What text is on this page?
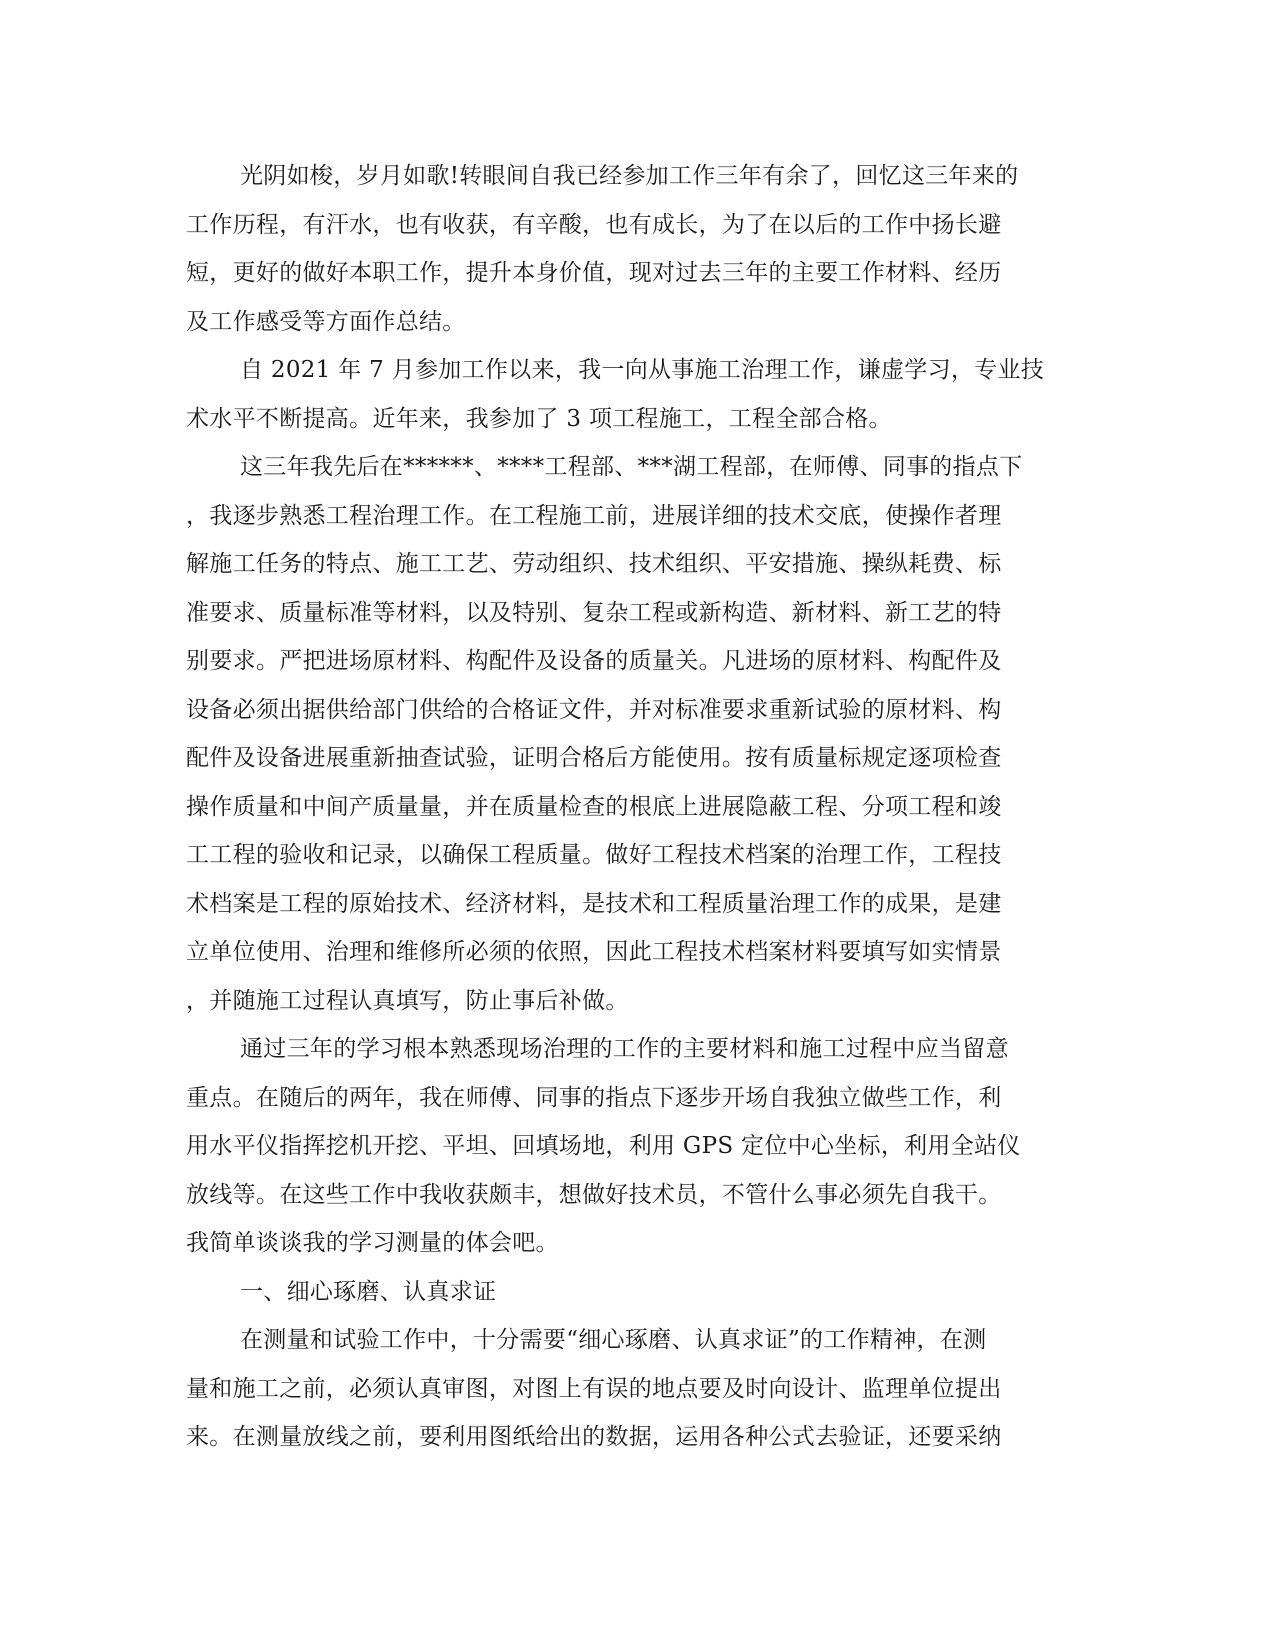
光阴如梭，岁月如歌!转眼间自我已经参加工作三年有余了，回忆这三年来的
工作历程，有汗水，也有收获，有辛酸，也有成长，为了在以后的工作中扬长避
短，更好的做好本职工作，提升本身价值，现对过去三年的主要工作材料、经历
及工作感受等方面作总结。
自 2021 年 7 月参加工作以来，我一向从事施工治理工作，谦虚学习，专业技
术水平不断提高。近年来，我参加了 3 项工程施工，工程全部合格。
这三年我先后在******、****工程部、***湖工程部，在师傅、同事的指点下
，我逐步熟悉工程治理工作。在工程施工前，进展详细的技术交底，使操作者理
解施工任务的特点、施工工艺、劳动组织、技术组织、平安措施、操纵耗费、标
准要求、质量标准等材料，以及特别、复杂工程或新构造、新材料、新工艺的特
别要求。严把进场原材料、构配件及设备的质量关。凡进场的原材料、构配件及
设备必须出据供给部门供给的合格证文件，并对标准要求重新试验的原材料、构
配件及设备进展重新抽查试验，证明合格后方能使用。按有质量标规定逐项检查
操作质量和中间产质量量，并在质量检查的根底上进展隐蔽工程、分项工程和竣
工工程的验收和记录，以确保工程质量。做好工程技术档案的治理工作，工程技
术档案是工程的原始技术、经济材料，是技术和工程质量治理工作的成果，是建
立单位使用、治理和维修所必须的依照，因此工程技术档案材料要填写如实情景
，并随施工过程认真填写，防止事后补做。
通过三年的学习根本熟悉现场治理的工作的主要材料和施工过程中应当留意
重点。在随后的两年，我在师傅、同事的指点下逐步开场自我独立做些工作，利
用水平仪指挥挖机开挖、平坦、回填场地，利用 GPS 定位中心坐标，利用全站仪
放线等。在这些工作中我收获颇丰，想做好技术员，不管什么事必须先自我干。
我简单谈谈我的学习测量的体会吧。
一、细心琢磨、认真求证
在测量和试验工作中，十分需要“细心琢磨、认真求证”的工作精神，在测
量和施工之前，必须认真审图，对图上有误的地点要及时向设计、监理单位提出
来。在测量放线之前，要利用图纸给出的数据，运用各种公式去验证，还要采纳
